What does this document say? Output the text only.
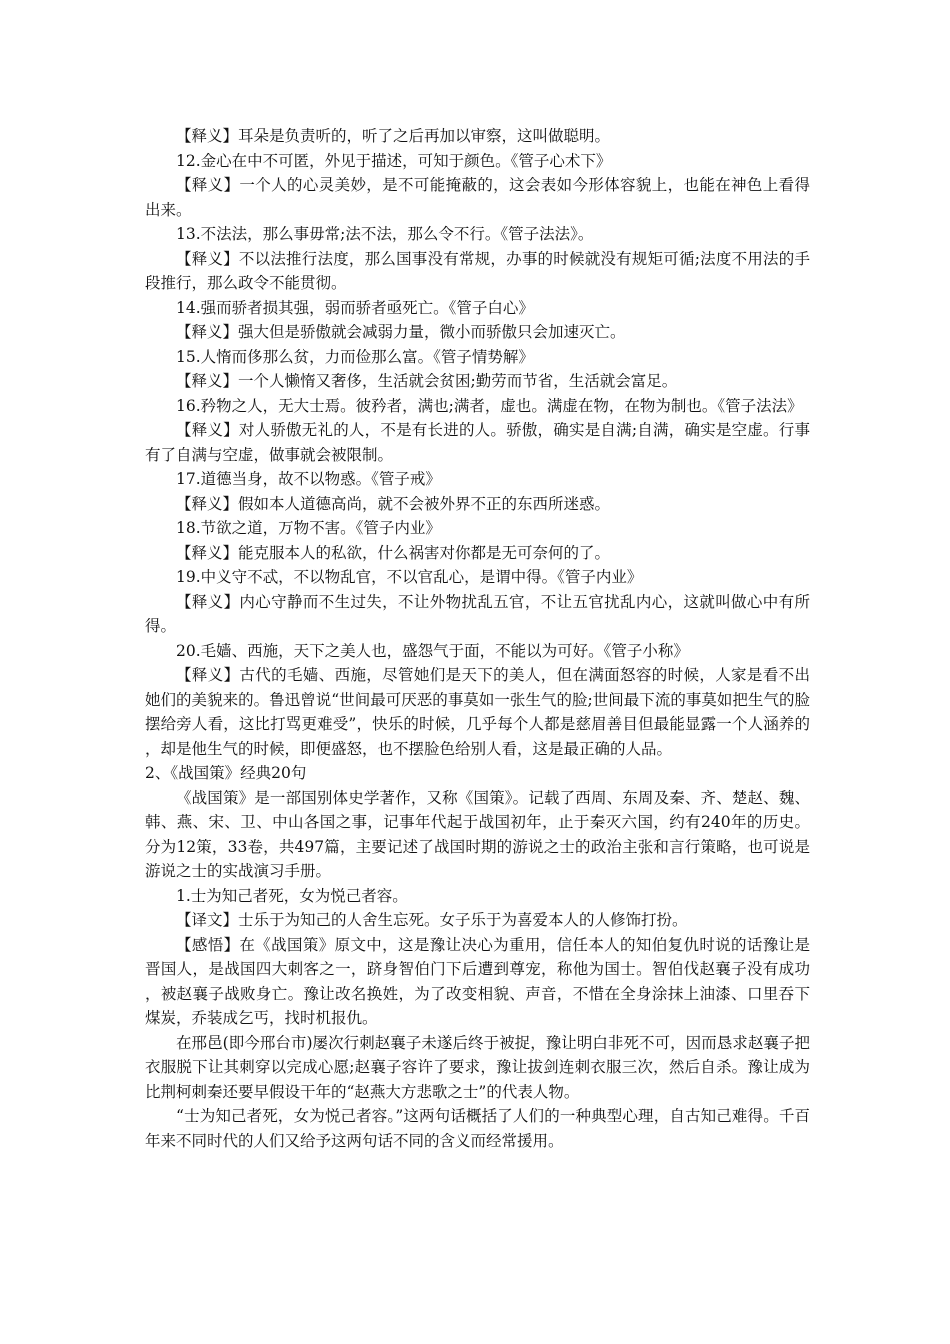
【释义】耳朵是负责听的，听了之后再加以审察，这叫做聪明。

12.金心在中不可匿，外见于描述，可知于颜色。《管子心术下》

【释义】一个人的心灵美妙，是不可能掩蔽的，这会表如今形体容貌上，也能在神色上看得出来。

13.不法法，那么事毋常;法不法，那么令不行。《管子法法》。

【释义】不以法推行法度，那么国事没有常规，办事的时候就没有规矩可循;法度不用法的手段推行，那么政令不能贯彻。

14.强而骄者损其强，弱而骄者亟死亡。《管子白心》

【释义】强大但是骄傲就会减弱力量，微小而骄傲只会加速灭亡。

15.人惰而侈那么贫，力而俭那么富。《管子情势解》

【释义】一个人懒惰又奢侈，生活就会贫困;勤劳而节省，生活就会富足。

16.矜物之人，无大士焉。彼矜者，满也;满者，虚也。满虚在物，在物为制也。《管子法法》

【释义】对人骄傲无礼的人，不是有长进的人。骄傲，确实是自满;自满，确实是空虚。行事有了自满与空虚，做事就会被限制。

17.道德当身，故不以物惑。《管子戒》

【释义】假如本人道德高尚，就不会被外界不正的东西所迷惑。

18.节欲之道，万物不害。《管子内业》

【释义】能克服本人的私欲，什么祸害对你都是无可奈何的了。

19.中义守不忒，不以物乱官，不以官乱心，是谓中得。《管子内业》

【释义】内心守静而不生过失，不让外物扰乱五官，不让五官扰乱内心，这就叫做心中有所得。

20.毛嫱、西施，天下之美人也，盛怨气于面，不能以为可好。《管子小称》

【释义】古代的毛嫱、西施，尽管她们是天下的美人，但在满面怒容的时候，人家是看不出她们的美貌来的。鲁迅曾说“世间最可厌恶的事莫如一张生气的脸;世间最下流的事莫如把生气的脸摆给旁人看，这比打骂更难受”，快乐的时候，几乎每个人都是慈眉善目但最能显露一个人涵养的，却是他生气的时候，即便盛怒，也不摆脸色给别人看，这是最正确的人品。

2、《战国策》经典20句

《战国策》是一部国别体史学著作，又称《国策》。记载了西周、东周及秦、齐、楚赵、魏、韩、燕、宋、卫、中山各国之事，记事年代起于战国初年，止于秦灭六国，约有240年的历史。分为12策，33卷，共497篇，主要记述了战国时期的游说之士的政治主张和言行策略，也可说是游说之士的实战演习手册。

1.士为知己者死，女为悦己者容。

【译文】士乐于为知己的人舍生忘死。女子乐于为喜爱本人的人修饰打扮。

【感悟】在《战国策》原文中，这是豫让决心为重用，信任本人的知伯复仇时说的话豫让是晋国人，是战国四大刺客之一，跻身智伯门下后遭到尊宠，称他为国士。智伯伐赵襄子没有成功，被赵襄子战败身亡。豫让改名换姓，为了改变相貌、声音，不惜在全身涂抹上油漆、口里吞下煤炭，乔装成乞丐，找时机报仇。

在邢邑(即今邢台市)屡次行刺赵襄子未遂后终于被捉，豫让明白非死不可，因而恳求赵襄子把衣服脱下让其刺穿以完成心愿;赵襄子容许了要求，豫让拔剑连刺衣服三次，然后自杀。豫让成为比荆柯刺秦还要早假设干年的“赵燕大方悲歌之士”的代表人物。

“士为知己者死，女为悦己者容。”这两句话概括了人们的一种典型心理，自古知己难得。千百年来不同时代的人们又给予这两句话不同的含义而经常援用。
